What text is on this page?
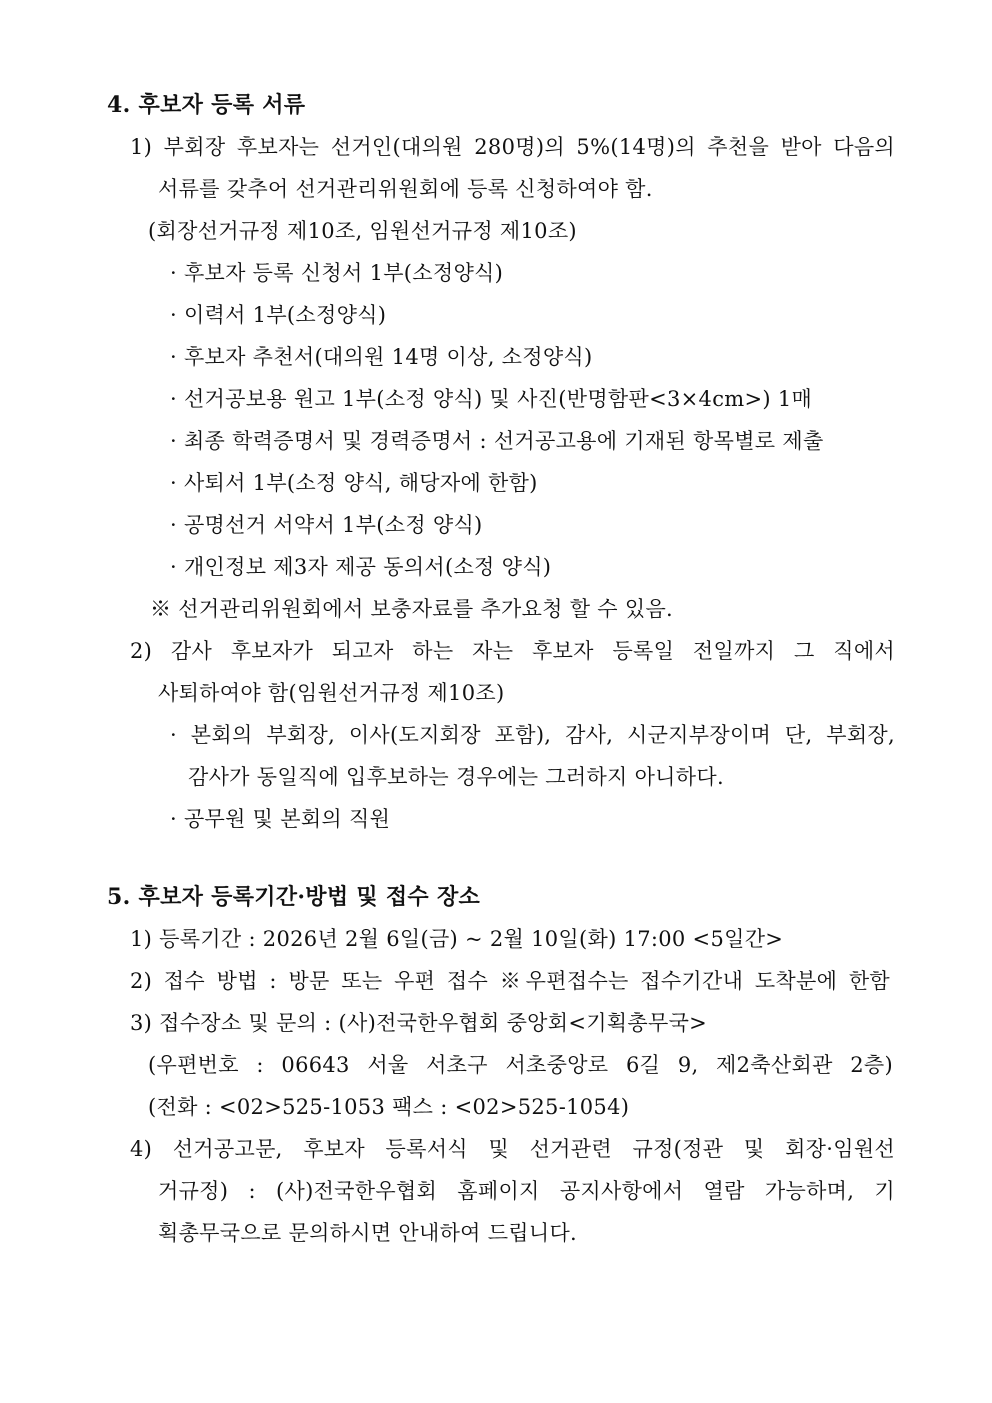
4. 후보자 등록 서류
1) 부회장 후보자는 선거인(대의원 280명)의 5%(14명)의 추천을 받아 다음의
서류를 갖추어 선거관리위원회에 등록 신청하여야 함.
(회장선거규정 제10조, 임원선거규정 제10조)
· 후보자 등록 신청서 1부(소정양식)
· 이력서 1부(소정양식)
· 후보자 추천서(대의원 14명 이상, 소정양식)
· 선거공보용 원고 1부(소정 양식) 및 사진(반명함판<3×4cm>) 1매
· 최종 학력증명서 및 경력증명서 : 선거공고용에 기재된 항목별로 제출
· 사퇴서 1부(소정 양식, 해당자에 한함)
· 공명선거 서약서 1부(소정 양식)
· 개인정보 제3자 제공 동의서(소정 양식)
※ 선거관리위원회에서 보충자료를 추가요청 할 수 있음.
2) 감사 후보자가 되고자 하는 자는 후보자 등록일 전일까지 그 직에서
사퇴하여야 함(임원선거규정 제10조)
· 본회의 부회장, 이사(도지회장 포함), 감사, 시군지부장이며 단, 부회장,
감사가 동일직에 입후보하는 경우에는 그러하지 아니하다.
· 공무원 및 본회의 직원
5. 후보자 등록기간·방법 및 접수 장소
1) 등록기간 : 2026년 2월 6일(금) ~ 2월 10일(화) 17:00 <5일간>
2) 접수 방법 : 방문 또는 우편 접수 ※우편접수는 접수기간내 도착분에 한함
3) 접수장소 및 문의 : (사)전국한우협회 중앙회<기획총무국>
(우편번호 : 06643 서울 서초구 서초중앙로 6길 9, 제2축산회관 2층)
(전화 : <02>525-1053 팩스 : <02>525-1054)
4) 선거공고문, 후보자 등록서식 및 선거관련 규정(정관 및 회장·임원선
거규정) : (사)전국한우협회 홈페이지 공지사항에서 열람 가능하며, 기
획총무국으로 문의하시면 안내하여 드립니다.
